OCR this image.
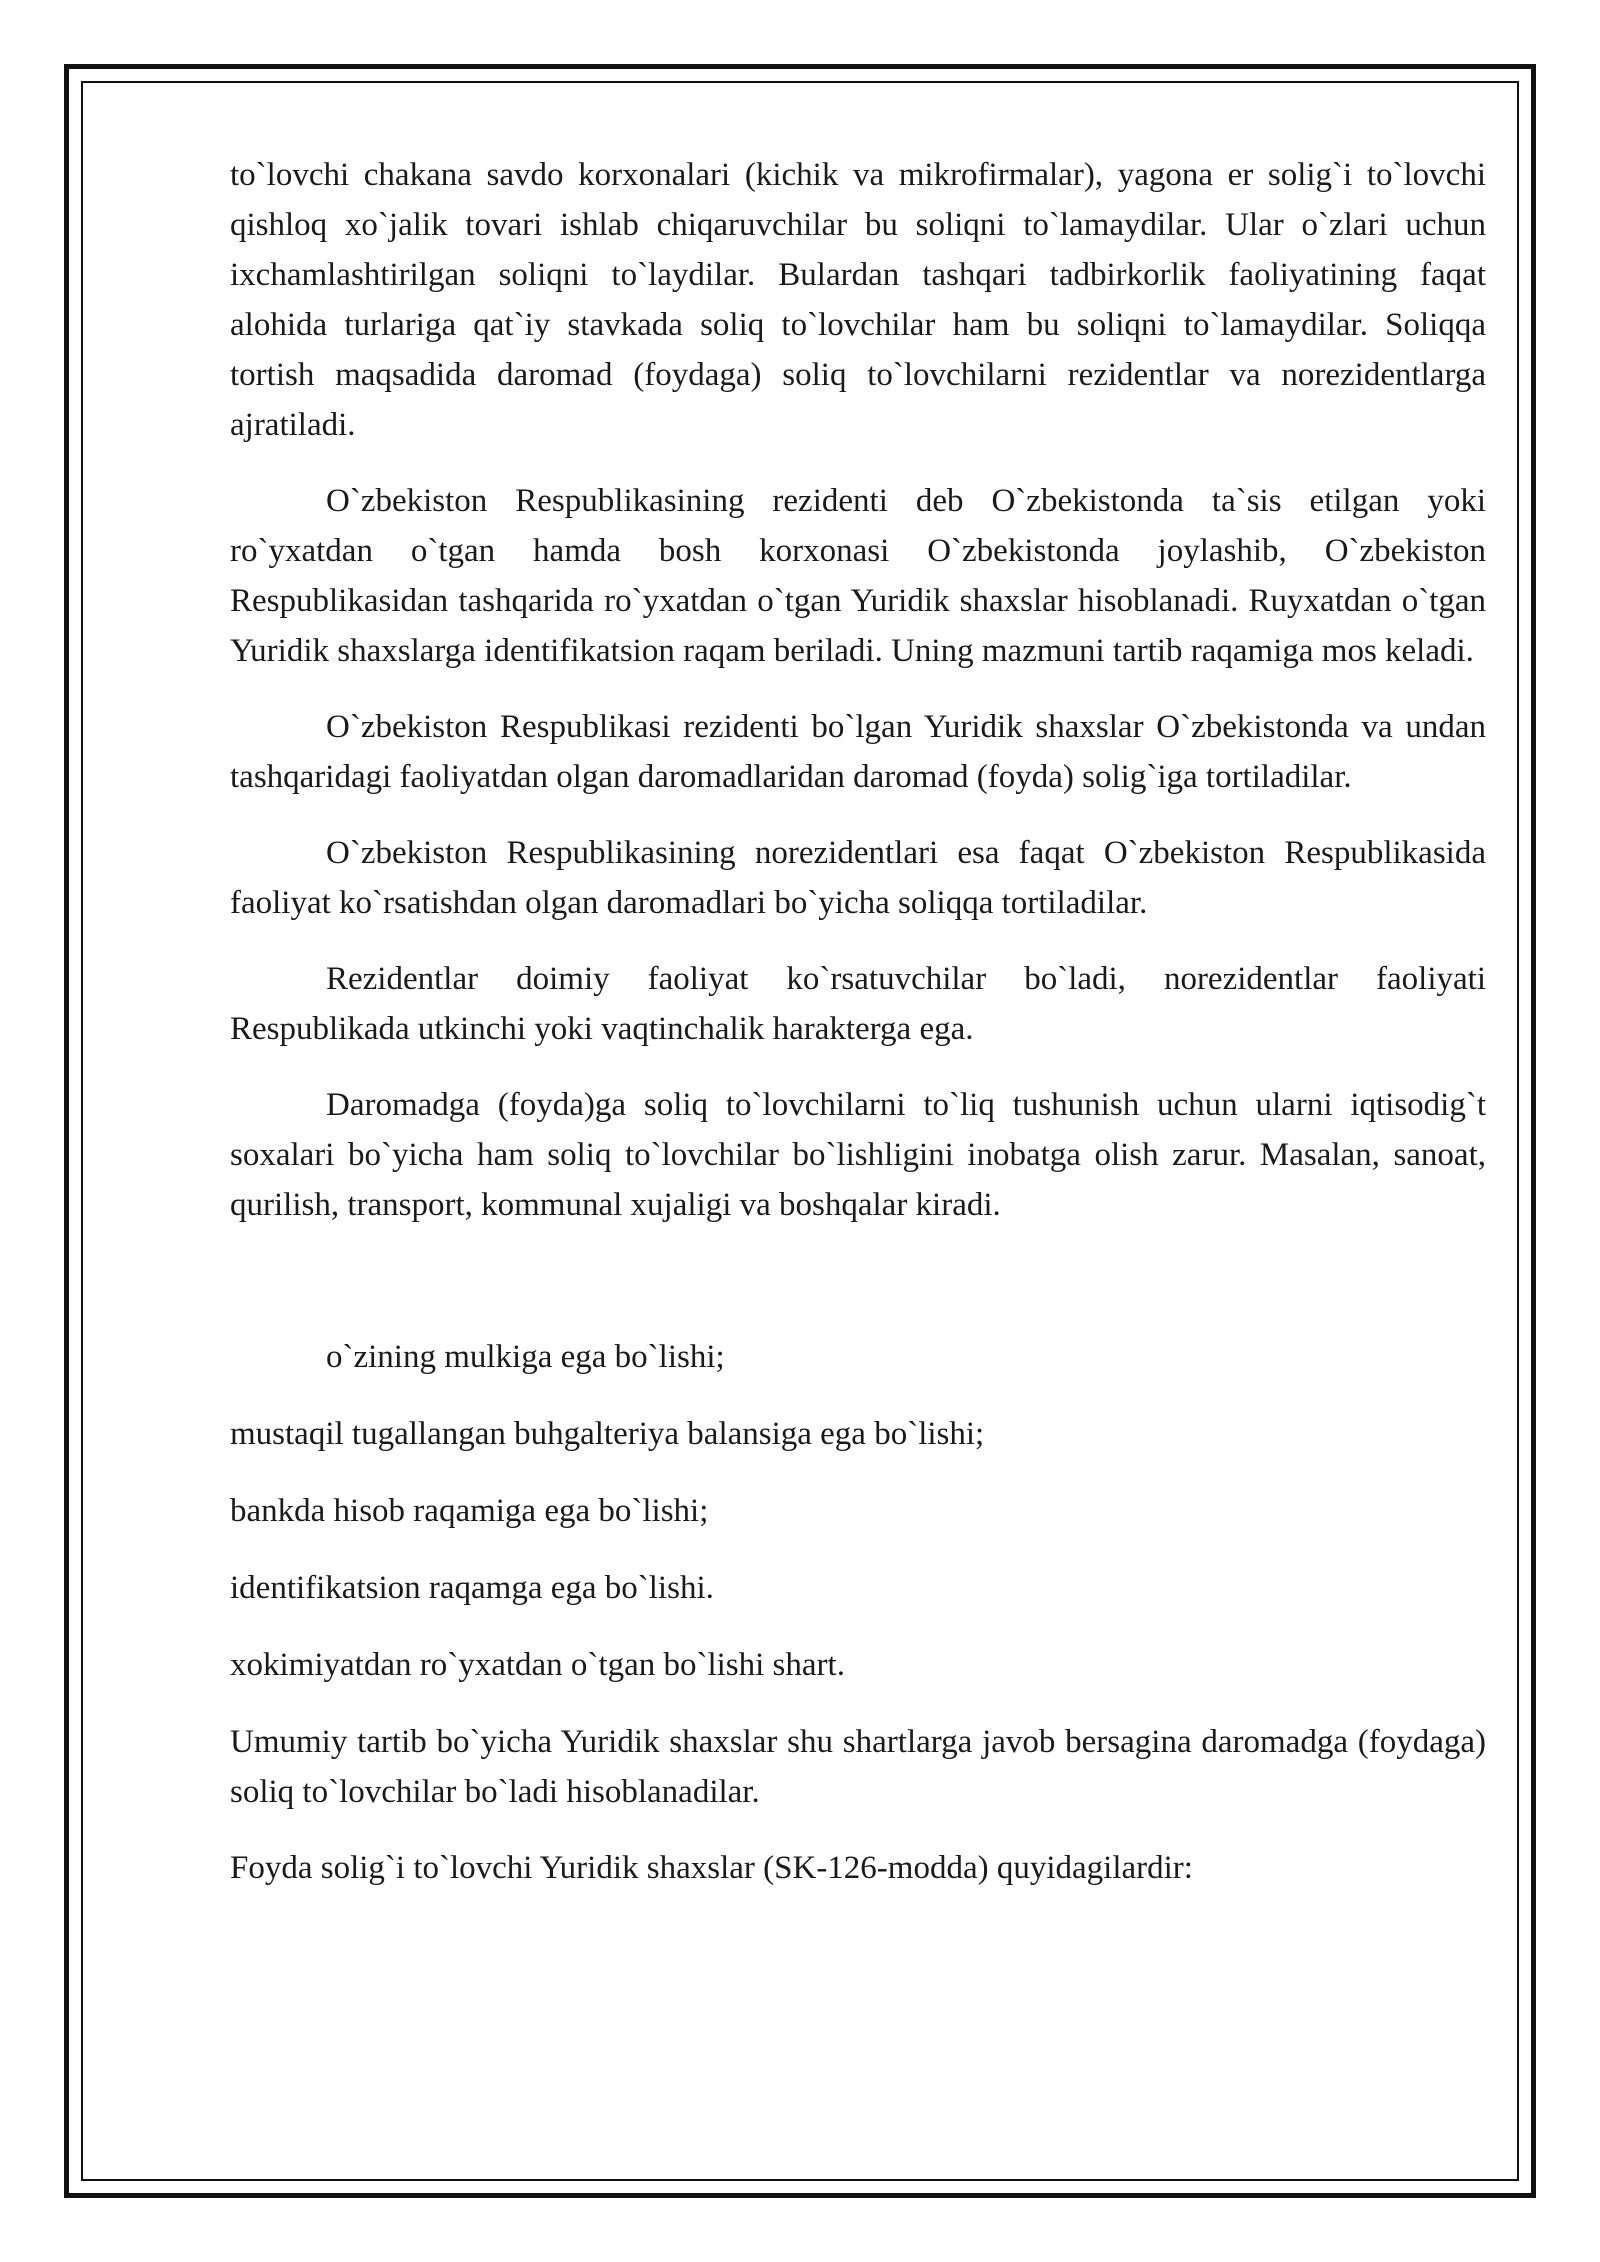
to`lovchi chakana savdo korxonalari (kichik va mikrofirmalar), yagona er solig`i to`lovchi qishloq xo`jalik tovari ishlab chiqaruvchilar bu soliqni to`lamaydilar. Ular o`zlari uchun ixchamlashtirilgan soliqni to`laydilar. Bulardan tashqari tadbirkorlik faoliyatining faqat alohida turlariga qat`iy stavkada soliq to`lovchilar ham bu soliqni to`lamaydilar. Soliqqa tortish maqsadida daromad (foydaga) soliq to`lovchilarni rezidentlar va norezidentlarga ajratiladi.

O`zbekiston Respublikasining rezidenti deb O`zbekistonda ta`sis etilgan yoki ro`yxatdan o`tgan hamda bosh korxonasi O`zbekistonda joylashib, O`zbekiston Respublikasidan tashqarida ro`yxatdan o`tgan Yuridik shaxslar hisoblanadi. Ruyxatdan o`tgan Yuridik shaxslarga identifikatsion raqam beriladi. Uning mazmuni tartib raqamiga mos keladi.

O`zbekiston Respublikasi rezidenti bo`lgan Yuridik shaxslar O`zbekistonda va undan tashqaridagi faoliyatdan olgan daromadlaridan daromad (foyda) solig`iga tortiladilar.

O`zbekiston Respublikasining norezidentlari esa faqat O`zbekiston Respublikasida faoliyat ko`rsatishdan olgan daromadlari bo`yicha soliqqa tortiladilar.

Rezidentlar doimiy faoliyat ko`rsatuvchilar bo`ladi, norezidentlar faoliyati Respublikada utkinchi yoki vaqtinchalik harakterga ega.

Daromadga (foyda)ga soliq to`lovchilarni to`liq tushunish uchun ularni iqtisodig`t soxalari bo`yicha ham soliq to`lovchilar bo`lishligini inobatga olish zarur. Masalan, sanoat, qurilish, transport, kommunal xujaligi va boshqalar kiradi.

o`zining mulkiga ega bo`lishi;

mustaqil tugallangan buhgalteriya balansiga ega bo`lishi;

bankda hisob raqamiga ega bo`lishi;

identifikatsion raqamga ega bo`lishi.

xokimiyatdan ro`yxatdan o`tgan bo`lishi shart.

Umumiy tartib bo`yicha Yuridik shaxslar shu shartlarga javob bersagina daromadga (foydaga) soliq to`lovchilar bo`ladi hisoblanadilar.

Foyda solig`i to`lovchi Yuridik shaxslar (SK-126-modda) quyidagilardir:
